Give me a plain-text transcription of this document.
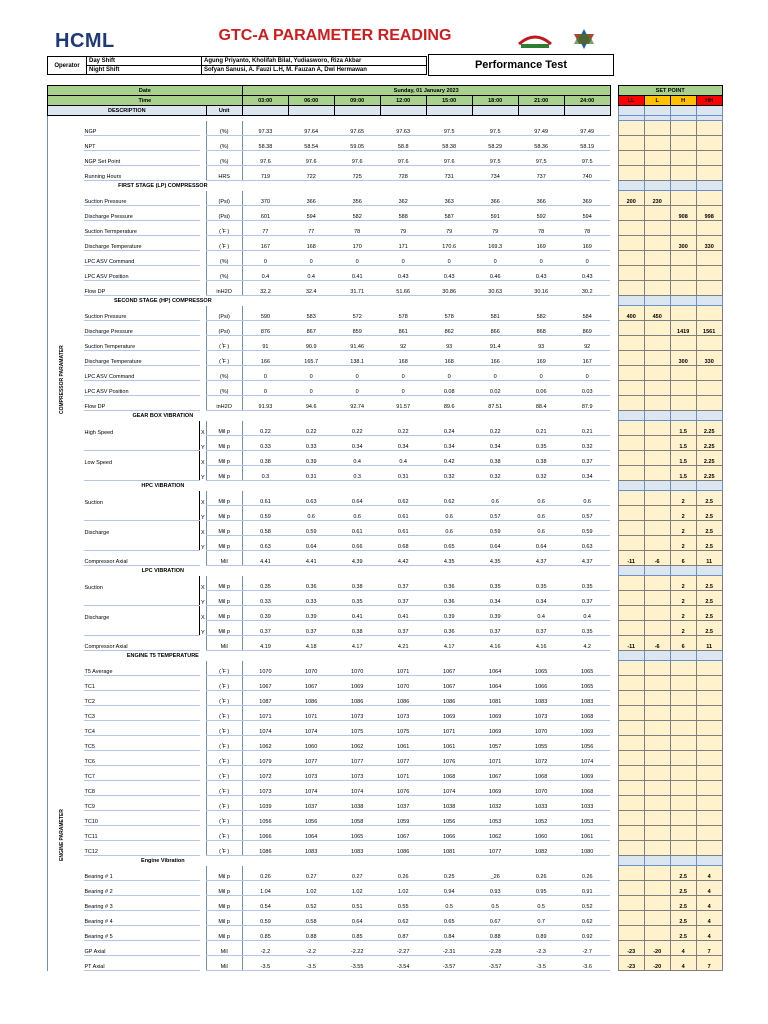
HCML	GTC-A PARAMETER READING
Operator	Day Shift	Agung Priyanto, Kholifah Bilal, Yudiasworo, Riza Akbar
	Night Shift	Sofyan Sanusi, A. Fauzi L.H, M. Fauzan A, Dwi Hermawan	Performance Test
Date				Sunday, 01 January 2023									SET POINT			
Time				03:00	06:00	09:00	12:00	15:00	18:00	21:00	24:00		LL	L	H	HH
DESCRIPTION			Unit													

	NGP		(%)	97.33	97.64	97.65	97.63	97.5	97.5	97.49	97.49					
	NPT		(%)	58.38	58.54	59.05	58.8	58.38	58.29	58.36	58.19					
	NGP Set Point		(%)	97.6	97.6	97.6	97.6	97.6	97.5	97.5	97.5					
	Running Hours		HRS	719	722	725	728	731	734	737	740					
	FIRST STAGE (LP) COMPRESSOR															
	Suction Pressure		(Psi)	370	366	356	362	363	366	366	369		200	230		
	Discharge Pressure		(Psi)	601	594	582	588	587	591	592	594				908	998
	Suction Termperature		( ̊F )	77	77	78	79	79	79	78	78					
	Discharge Temperature		( ̊F )	167	168	170	171	170.6	169.3	169	169				300	330
	LPC ASV Command		(%)	0	0	0	0	0	0	0	0					
	LPC ASV Position		(%)	0.4	0.4	0.41	0.43	0.43	0.46	0.43	0.43					
	Flow DP		inH2O	32.2	32.4	31.71	51.66	30.86	30.63	30.16	30.2					
	SECOND STAGE (HP) COMPRESSOR															
	Suction Pressure		(Psi)	590	583	572	578	578	581	582	584		400	450		
	Discharge Pressure		(Psi)	876	867	859	861	862	866	868	869				1419	1561
	Suction Temperature		( ̊F )	91	90.9	91.46	92	93	91.4	93	92					
	Discharge Temperature		( ̊F )	166	165.7	138.1	168	168	166	169	167				300	330
	LPC ASV Command		(%)	0	0	0	0	0	0	0	0					
	LPC ASV Position		(%)	0	0	0	0	0.08	0.02	0.06	0.03					
	Flow DP		inH2O	91.93	94.6	92.74	91.57	89.6	87.51	88.4	87.9					
	GEAR BOX VIBRATION															
	High Speed	X	Mil p	0.22	0.22	0.22	0.22	0.24	0.22	0.21	0.21				1.5	2.25
		Y	Mil p	0.33	0.33	0.34	0.34	0.34	0.34	0.35	0.32				1.5	2.25
	Low Speed	X	Mil p	0.38	0.39	0.4	0.4	0.42	0.38	0.38	0.37				1.5	2.25
		Y	Mil p	0.3	0.31	0.3	0.31	0.32	0.32	0.32	0.34				1.5	2.25
	HPC VIBRATION															
	Suction	X	Mil p	0.61	0.63	0.64	0.62	0.62	0.6	0.6	0.6				2	2.5
		Y	Mil p	0.59	0.6	0.6	0.61	0.6	0.57	0.6	0.57				2	2.5
	Discharge	X	Mil p	0.58	0.59	0.61	0.61	0.6	0.59	0.6	0.59				2	2.5
		Y	Mil p	0.63	0.64	0.66	0.68	0.65	0.64	0.64	0.63				2	2.5
	Compressor Axial		Mil	4.41	4.41	4.39	4.42	4.35	4.35	4.37	4.37		-11	-6	6	11
	LPC VIBRATION															
	Suction	X	Mil p	0.35	0.36	0.38	0.37	0.36	0.35	0.35	0.35				2	2.5
		Y	Mil p	0.33	0.33	0.35	0.37	0.36	0.34	0.34	0.37				2	2.5
	Discharge	X	Mil p	0.39	0.39	0.41	0.41	0.39	0.39	0.4	0.4				2	2.5
		Y	Mil p	0.37	0.37	0.38	0.37	0.36	0.37	0.37	0.35				2	2.5
	Compressor Axial		Mil	4.19	4.18	4.17	4.21	4.17	4.16	4.16	4.2		-11	-6	6	11
	ENGINE T5 TEMPERATURE															
	T5 Average		( ̊F )	1070	1070	1070	1071	1067	1064	1065	1065					
	TC1		( ̊F )	1067	1067	1069	1070	1067	1064	1066	1065					
	TC2		( ̊F )	1087	1086	1086	1086	1086	1081	1083	1083					
	TC3		( ̊F )	1071	1071	1073	1073	1069	1069	1073	1068					
	TC4		( ̊F )	1074	1074	1075	1075	1071	1069	1070	1069					
	TC5		( ̊F )	1062	1060	1062	1061	1061	1057	1055	1056					
	TC6		( ̊F )	1079	1077	1077	1077	1076	1071	1072	1074					
	TC7		( ̊F )	1072	1073	1073	1071	1068	1067	1068	1069					
	TC8		( ̊F )	1073	1074	1074	1076	1074	1069	1070	1068					
	TC9		( ̊F )	1039	1037	1038	1037	1038	1032	1033	1033					
	TC10		( ̊F )	1056	1056	1058	1059	1056	1053	1052	1053					
	TC11		( ̊F )	1066	1064	1065	1067	1066	1062	1060	1061					
	TC12		( ̊F )	1086	1083	1083	1086	1081	1077	1082	1080					
	Engine Vibration															
	Bearing # 1		Mil p	0.26	0.27	0.27	0.26	0.25	_26	0.26	0.26				2.5	4
	Bearing # 2		Mil p	1.04	1.02	1.02	1.02	0.94	0.93	0.95	0.91				2.5	4
	Bearing # 3		Mil p	0.54	0.52	0.51	0.55	0.5	0.5	0.5	0.52				2.5	4
	Bearing # 4		Mil p	0.59	0.58	0.64	0.62	0.65	0.67	0.7	0.62				2.5	4
	Bearing # 5		Mil p	0.85	0.88	0.85	0.87	0.84	0.88	0.89	0.92				2.5	4
	GP Axial		Mil	-2.2	-2.2	-2.22	-2.27	-2.31	-2.28	-2.3	-2.7		-23	-20	4	7
	PT Axial		Mil	-3.5	-3.5	-3.55	-3.54	-3.57	-3.57	-3.5	-3.6		-23	-20	4	7
COMPRESSOR PARAMATER
ENGINE PARAMETER
